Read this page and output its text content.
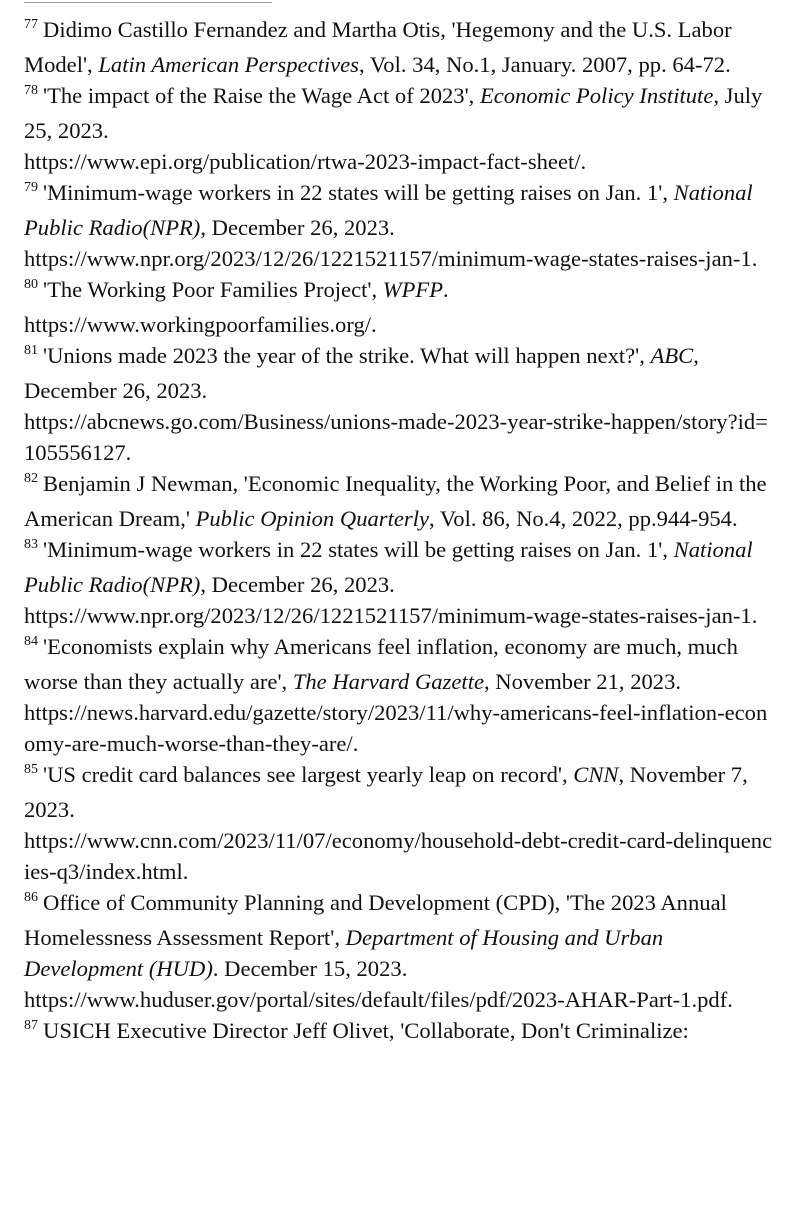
$^{77}$ Didimo Castillo Fernandez and Martha Otis, 'Hegemony and the U.S. Labor Model', Latin American Perspectives, Vol. 34, No.1, January. 2007, pp. 64-72.

$^{78}$ 'The impact of the Raise the Wage Act of 2023', Economic Policy Institute, July 25, 2023.
https://www.epi.org/publication/rtwa-2023-impact-fact-sheet/.

$^{79}$ 'Minimum-wage workers in 22 states will be getting raises on Jan. 1', National Public Radio(NPR), December 26, 2023.
https://www.npr.org/2023/12/26/1221521157/minimum-wage-states-raises-jan-1.

$^{80}$ 'The Working Poor Families Project', WPFP.
https://www.workingpoorfamilies.org/.

$^{81}$ 'Unions made 2023 the year of the strike. What will happen next?', ABC, December 26, 2023.
https://abcnews.go.com/Business/unions-made-2023-year-strike-happen/story?id=105556127.

$^{82}$ Benjamin J Newman, 'Economic Inequality, the Working Poor, and Belief in the American Dream,' Public Opinion Quarterly, Vol. 86, No.4, 2022, pp.944-954.

$^{83}$ 'Minimum-wage workers in 22 states will be getting raises on Jan. 1', National Public Radio(NPR), December 26, 2023.
https://www.npr.org/2023/12/26/1221521157/minimum-wage-states-raises-jan-1.

$^{84}$ 'Economists explain why Americans feel inflation, economy are much, much worse than they actually are', The Harvard Gazette, November 21, 2023.
https://news.harvard.edu/gazette/story/2023/11/why-americans-feel-inflation-economy-are-much-worse-than-they-are/.

$^{85}$ 'US credit card balances see largest yearly leap on record', CNN, November 7, 2023.
https://www.cnn.com/2023/11/07/economy/household-debt-credit-card-delinquencies-q3/index.html.

$^{86}$ Office of Community Planning and Development (CPD), 'The 2023 Annual Homelessness Assessment Report', Department of Housing and Urban Development (HUD). December 15, 2023.
https://www.huduser.gov/portal/sites/default/files/pdf/2023-AHAR-Part-1.pdf.

$^{87}$ USICH Executive Director Jeff Olivet, 'Collaborate, Don't Criminalize:
